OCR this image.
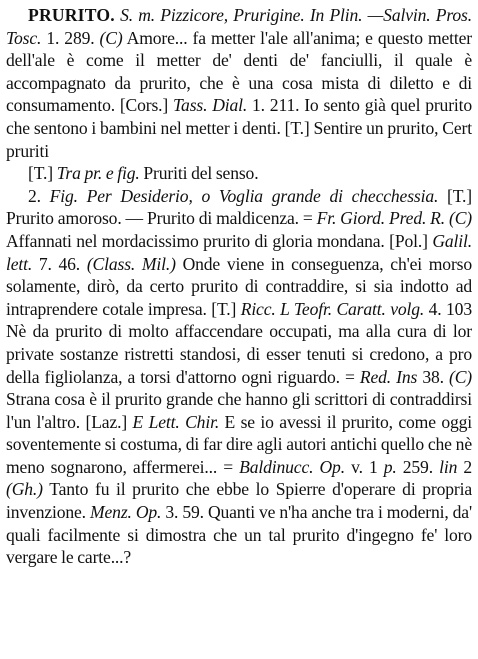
PRURITO. S. m. Pizzicore, Prurigine. In Plin. —Salvin. Pros. Tosc. 1. 289. (C) Amore... fa metter l'ale all'anima; e questo metter dell'ale è come il metter de' denti de' fanciulli, il quale è accompagnato da prurito, che è una cosa mista di diletto e di consumamento. [Cors.] Tass. Dial. 1. 211. Io sento già quel prurito che sentono i bambini nel metter i denti. [T.] Sentire un prurito, Cert pruriti

[T.] Tra pr. e fig. Pruriti del senso.

2. Fig. Per Desiderio, o Voglia grande di checchessia. [T.] Prurito amoroso. — Prurito di maldicenza. = Fr. Giord. Pred. R. (C) Affannati nel mordacissimo prurito di gloria mondana. [Pol.] Galil. lett. 7. 46. (Class. Mil.) Onde viene in conseguenza, ch'ei morso solamente, dirò, da certo prurito di contraddire, si sia indotto ad intraprendere cotale impresa. [T.] Ricc. L Teofr. Caratt. volg. 4. 103 Nè da prurito di molto affaccendare occupati, ma alla cura di lor private sostanze ristretti standosi, di esser tenuti si credono, a pro della figliolanza, a torsi d'attorno ogni riguardo. = Red. Ins 38. (C) Strana cosa è il prurito grande che hanno gli scrittori di contraddirsi l'un l'altro. [Laz.] E Lett. Chir. E se io avessi il prurito, come oggi soventemente si costuma, di far dire agli autori antichi quello che nè meno sognarono, affermerei... = Baldinucc. Op. v. 1 p. 259. lin 2 (Gh.) Tanto fu il prurito che ebbe lo Spierre d'operare di propria invenzione. Menz. Op. 3. 59. Quanti ve n'ha anche tra i moderni, da' quali facilmente si dimostra che un tal prurito d'ingegno fe' loro vergare le carte...?
